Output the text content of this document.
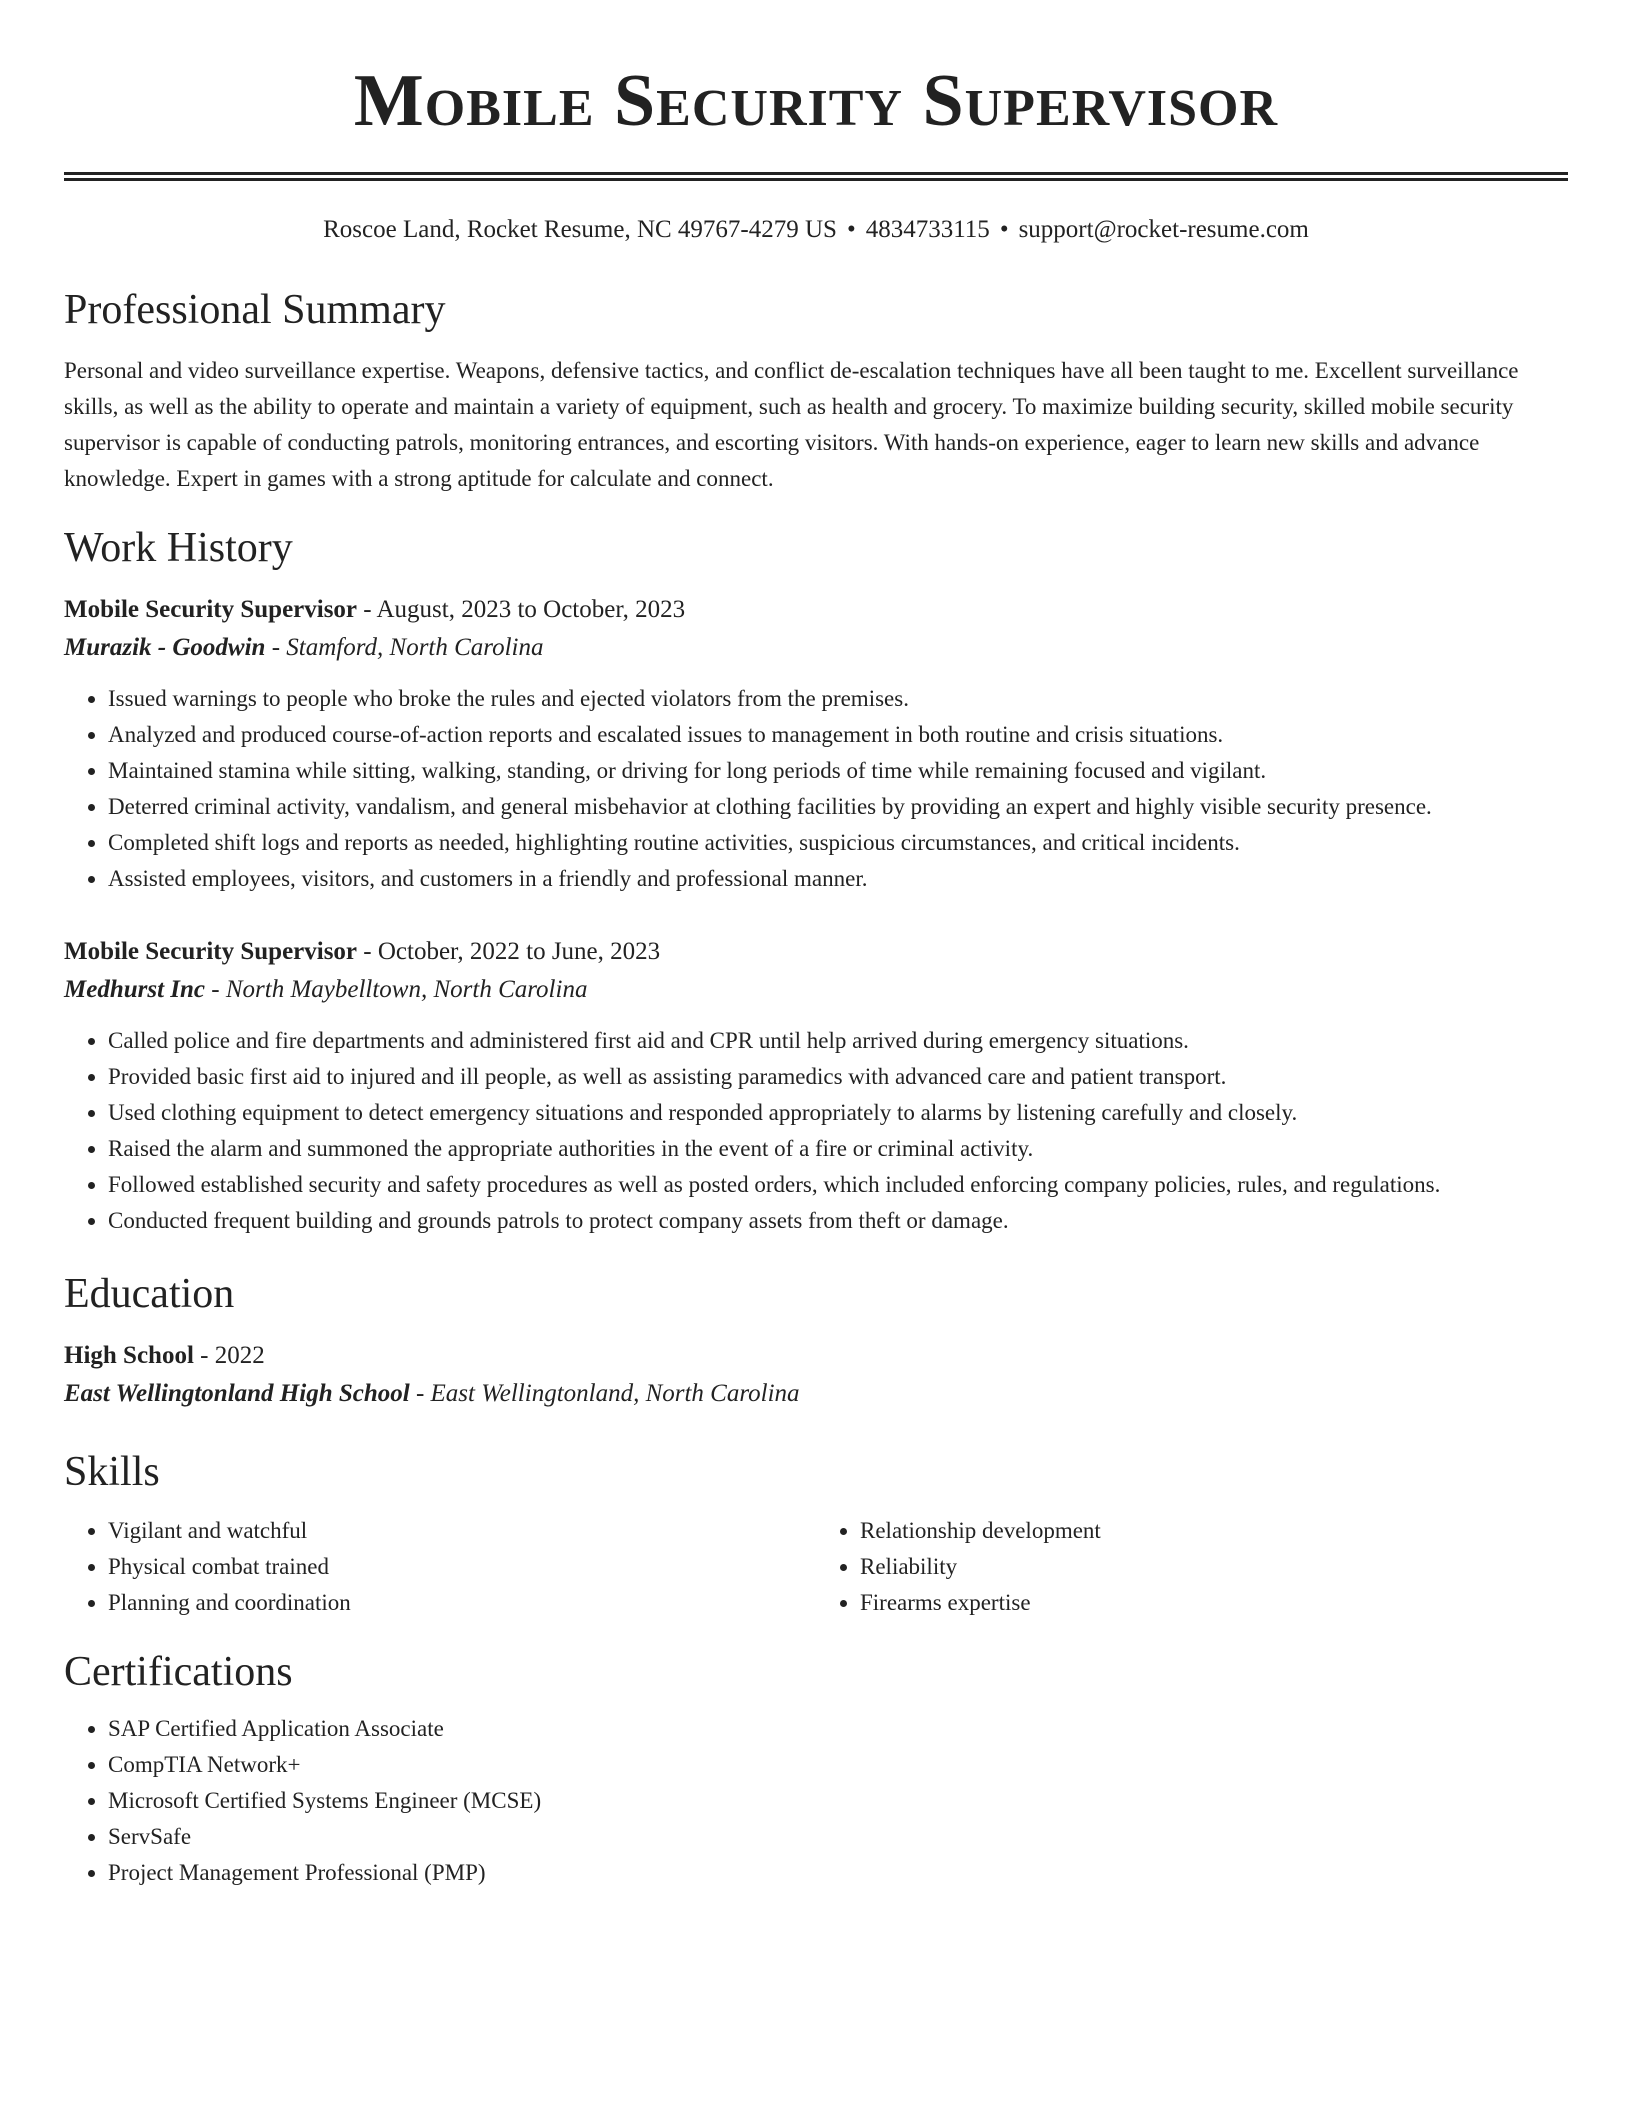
Mobile Security Supervisor
Roscoe Land, Rocket Resume, NC 49767-4279 US • 4834733115 • support@rocket-resume.com
Professional Summary

Personal and video surveillance expertise. Weapons, defensive tactics, and conflict de-escalation techniques have all been taught to me. Excellent surveillance skills, as well as the ability to operate and maintain a variety of equipment, such as health and grocery. To maximize building security, skilled mobile security supervisor is capable of conducting patrols, monitoring entrances, and escorting visitors. With hands-on experience, eager to learn new skills and advance knowledge. Expert in games with a strong aptitude for calculate and connect.

Work History
Mobile Security Supervisor - August, 2023 to October, 2023
Murazik - Goodwin - Stamford, North Carolina
• Issued warnings to people who broke the rules and ejected violators from the premises.
• Analyzed and produced course-of-action reports and escalated issues to management in both routine and crisis situations.
• Maintained stamina while sitting, walking, standing, or driving for long periods of time while remaining focused and vigilant.
• Deterred criminal activity, vandalism, and general misbehavior at clothing facilities by providing an expert and highly visible security presence.
• Completed shift logs and reports as needed, highlighting routine activities, suspicious circumstances, and critical incidents.
• Assisted employees, visitors, and customers in a friendly and professional manner.
Mobile Security Supervisor - October, 2022 to June, 2023
Medhurst Inc - North Maybelltown, North Carolina
• Called police and fire departments and administered first aid and CPR until help arrived during emergency situations.
• Provided basic first aid to injured and ill people, as well as assisting paramedics with advanced care and patient transport.
• Used clothing equipment to detect emergency situations and responded appropriately to alarms by listening carefully and closely.
• Raised the alarm and summoned the appropriate authorities in the event of a fire or criminal activity.
• Followed established security and safety procedures as well as posted orders, which included enforcing company policies, rules, and regulations.
• Conducted frequent building and grounds patrols to protect company assets from theft or damage.
Education
High School - 2022
East Wellingtonland High School - East Wellingtonland, North Carolina
Skills
• Vigilant and watchful
• Physical combat trained
• Planning and coordination
• Relationship development
• Reliability
• Firearms expertise
Certifications
• SAP Certified Application Associate
• CompTIA Network+
• Microsoft Certified Systems Engineer (MCSE)
• ServSafe
• Project Management Professional (PMP)
